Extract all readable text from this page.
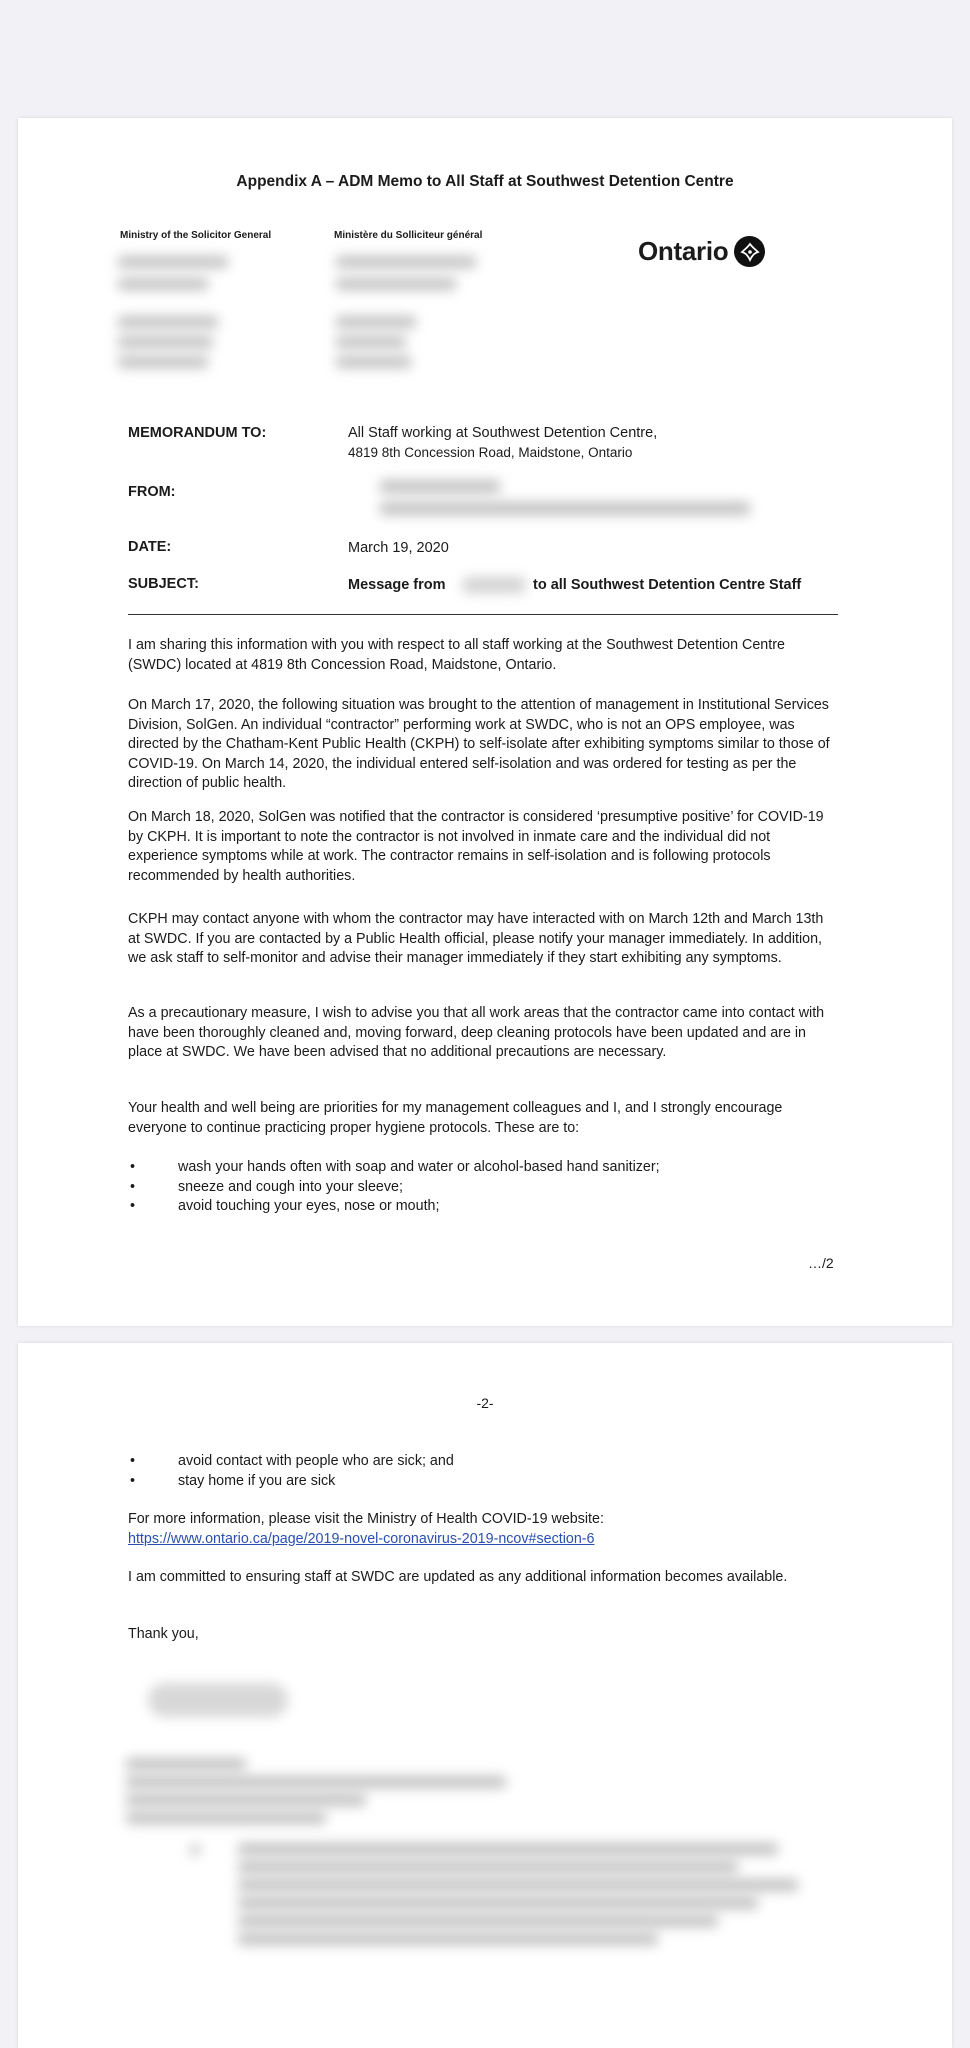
Appendix A – ADM Memo to All Staff at Southwest Detention Centre
Ministry of the Solicitor General	Ministère du Solliciteur général
Ontario
MEMORANDUM TO:	All Staff working at Southwest Detention Centre,
4819 8th Concession Road, Maidstone, Ontario
FROM:
DATE:	March 19, 2020
SUBJECT:	Message from	to all Southwest Detention Centre Staff

I am sharing this information with you with respect to all staff working at the Southwest Detention Centre (SWDC) located at 4819 8th Concession Road, Maidstone, Ontario.

On March 17, 2020, the following situation was brought to the attention of management in Institutional Services Division, SolGen. An individual “contractor” performing work at SWDC, who is not an OPS employee, was directed by the Chatham-Kent Public Health (CKPH) to self-isolate after exhibiting symptoms similar to those of COVID-19. On March 14, 2020, the individual entered self-isolation and was ordered for testing as per the direction of public health.

On March 18, 2020, SolGen was notified that the contractor is considered ‘presumptive positive’ for COVID-19 by CKPH. It is important to note the contractor is not involved in inmate care and the individual did not experience symptoms while at work. The contractor remains in self-isolation and is following protocols recommended by health authorities.

CKPH may contact anyone with whom the contractor may have interacted with on March 12th and March 13th at SWDC. If you are contacted by a Public Health official, please notify your manager immediately. In addition, we ask staff to self-monitor and advise their manager immediately if they start exhibiting any symptoms.

As a precautionary measure, I wish to advise you that all work areas that the contractor came into contact with have been thoroughly cleaned and, moving forward, deep cleaning protocols have been updated and are in place at SWDC. We have been advised that no additional precautions are necessary.

Your health and well being are priorities for my management colleagues and I, and I strongly encourage everyone to continue practicing proper hygiene protocols. These are to:

•	wash your hands often with soap and water or alcohol-based hand sanitizer;
•	sneeze and cough into your sleeve;
•	avoid touching your eyes, nose or mouth;
…/2
-2-
•	avoid contact with people who are sick; and
•	stay home if you are sick

For more information, please visit the Ministry of Health COVID-19 website:

https://www.ontario.ca/page/2019-novel-coronavirus-2019-ncov#section-6

I am committed to ensuring staff at SWDC are updated as any additional information becomes available.

Thank you,
